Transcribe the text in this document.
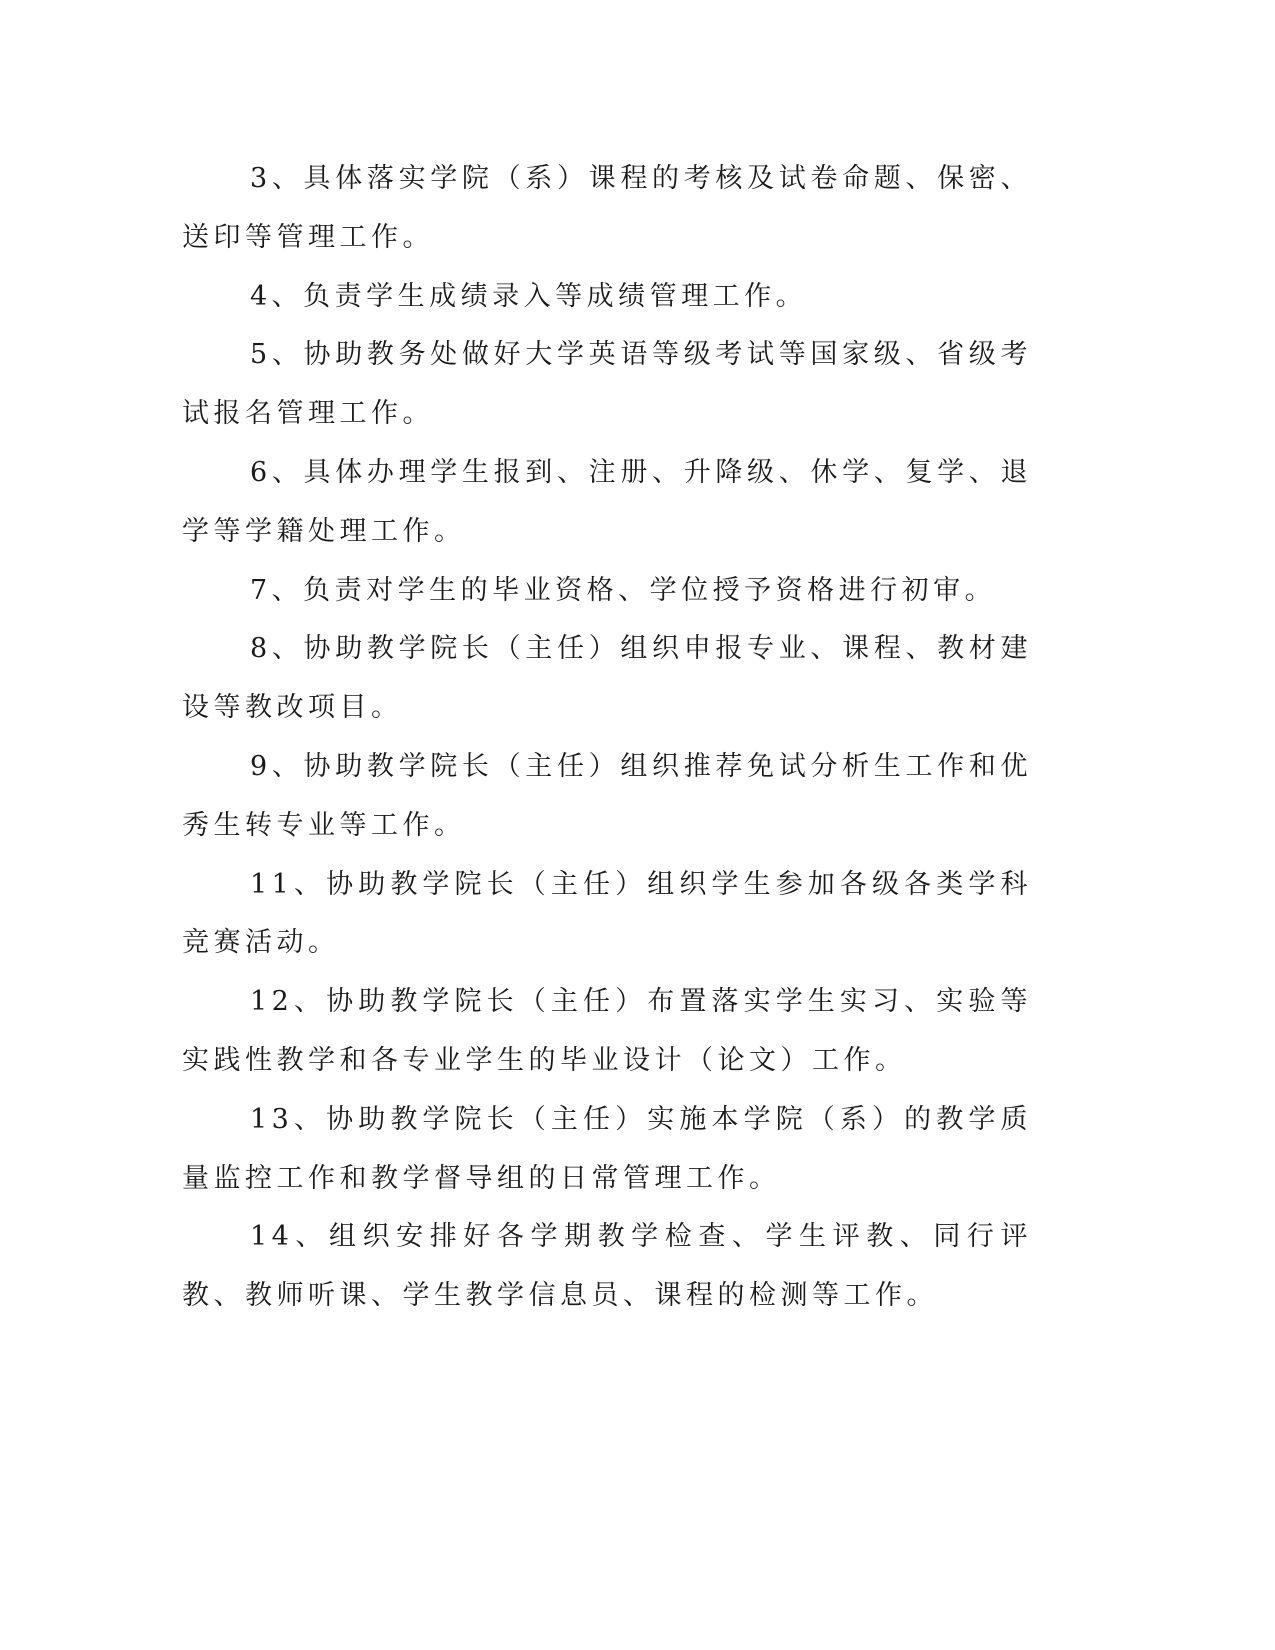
3、具体落实学院（系）课程的考核及试卷命题、保密、送印等管理工作。

4、负责学生成绩录入等成绩管理工作。

5、协助教务处做好大学英语等级考试等国家级、省级考试报名管理工作。

6、具体办理学生报到、注册、升降级、休学、复学、退学等学籍处理工作。

7、负责对学生的毕业资格、学位授予资格进行初审。

8、协助教学院长（主任）组织申报专业、课程、教材建设等教改项目。

9、协助教学院长（主任）组织推荐免试分析生工作和优秀生转专业等工作。

11、协助教学院长（主任）组织学生参加各级各类学科竞赛活动。

12、协助教学院长（主任）布置落实学生实习、实验等实践性教学和各专业学生的毕业设计（论文）工作。

13、协助教学院长（主任）实施本学院（系）的教学质量监控工作和教学督导组的日常管理工作。

14、组织安排好各学期教学检查、学生评教、同行评教、教师听课、学生教学信息员、课程的检测等工作。
